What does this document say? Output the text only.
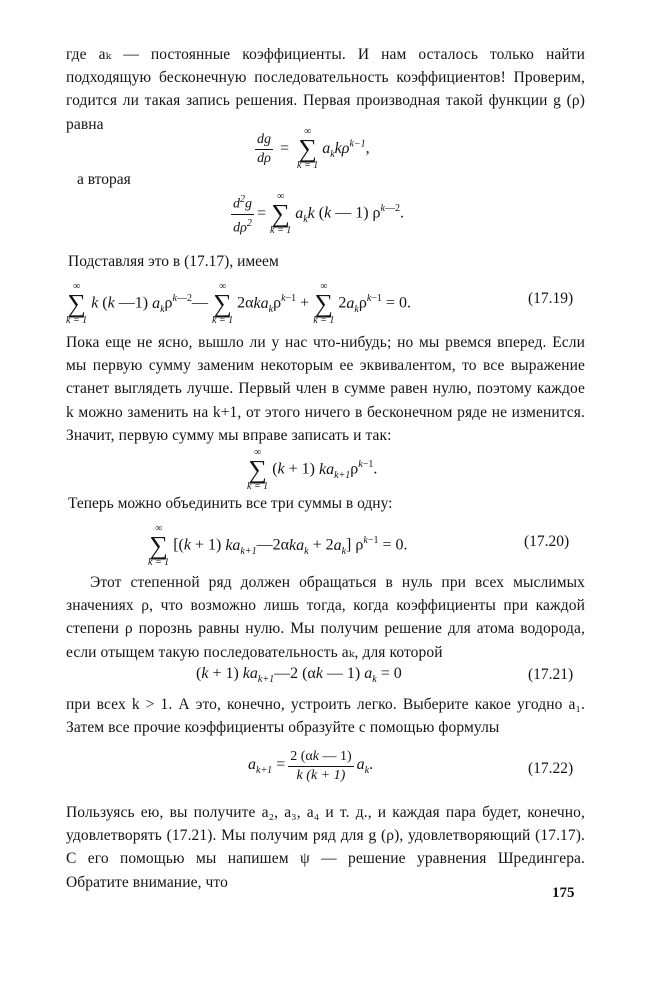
где aₖ — постоянные коэффициенты. И нам осталось только найти подходящую бесконечную последовательность коэффициентов! Проверим, годится ли такая запись решения. Первая производная такой функции g (ρ) равна

$\frac{dg}{d\rho}$ =
∞
∑
k = 1
$a_kk\rho^{k-1}$,

а вторая

$\frac{d^2g}{d\rho^2}$ =
∞
∑
k = 1
$a_kk$ (k — 1) $\rho^{k—2}$.

Подставляя это в (17.17), имеем

∞
∑
k = 1
k (k —1) $a_k\rho^{k—2}—$
∞
∑
k = 1
$2\alpha ka_k\rho^{k-1}$ +
∞
∑
k = 1
$2a_k\rho^{k-1} = 0$.	(17.19)

Пока еще не ясно, вышло ли у нас что-нибудь; но мы рвемся вперед. Если мы первую сумму заменим некоторым ее эквивалентом, то все выражение станет выглядеть лучше. Первый член в сумме равен нулю, поэтому каждое k можно заменить на k+1, от этого ничего в бесконечном ряде не изменится. Значит, первую сумму мы вправе записать и так:

∞
∑
k = 1
(k + 1) $ka_{k+1}\rho^{k-1}$.

Теперь можно объединить все три суммы в одну:

∞
∑
k = 1
[(k + 1) $ka_{k+1}—2\alpha ka_k + 2a_k$] $\rho^{k-1} = 0$.	(17.20)

Этот степенной ряд должен обращаться в нуль при всех мыслимых значениях ρ, что возможно лишь тогда, когда коэффициенты при каждой степени ρ порознь равны нулю. Мы получим решение для атома водорода, если отыщем такую последовательность aₖ, для которой

(k + 1) $ka_{k+1}—2$ (αk — 1) $a_k = 0$	(17.21)

при всех k > 1. А это, конечно, устроить легко. Выберите какое угодно a₁. Затем все прочие коэффициенты образуйте с помощью формулы

$a_{k+1} = \frac{2 (\alpha k — 1)}{k (k + 1)} a_k$.	(17.22)

Пользуясь ею, вы получите a₂, a₃, a₄ и т. д., и каждая пара будет, конечно, удовлетворять (17.21). Мы получим ряд для g (ρ), удовлетворяющий (17.17). С его помощью мы напишем ψ — решение уравнения Шредингера. Обратите внимание, что

175
